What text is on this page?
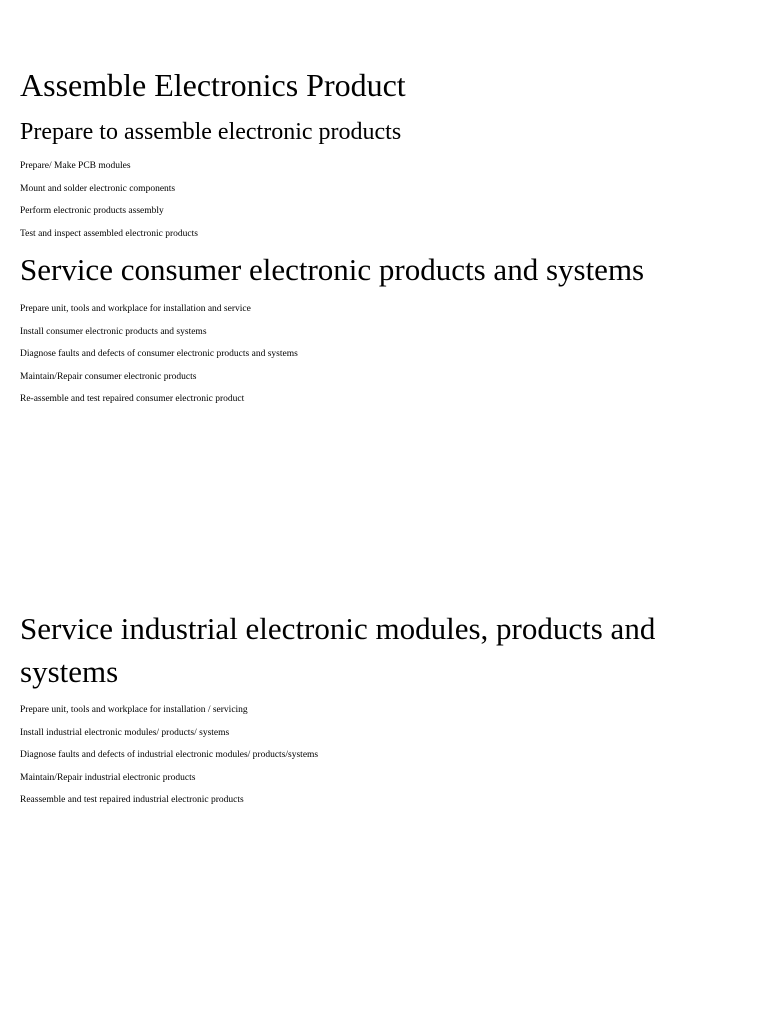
Assemble Electronics Product
Prepare to assemble electronic products
Prepare/ Make PCB modules
Mount and solder electronic components
Perform electronic products assembly
Test and inspect assembled electronic products
Service consumer electronic products and systems
Prepare unit, tools and workplace for installation and service
Install consumer electronic products and systems
Diagnose faults and defects of consumer electronic products and systems
Maintain/Repair consumer electronic products
Re-assemble and test repaired consumer electronic product
Service industrial electronic modules, products and systems
Prepare unit, tools and workplace for installation / servicing
Install industrial electronic modules/ products/ systems
Diagnose faults and defects of industrial electronic modules/ products/systems
Maintain/Repair industrial electronic products
Reassemble and test repaired industrial electronic products
